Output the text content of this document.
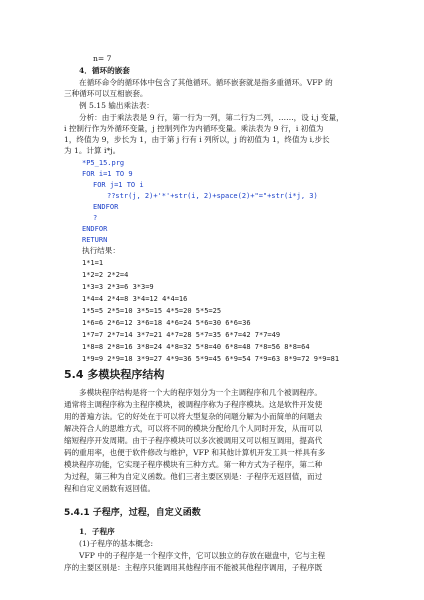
n= 7
4．循环的嵌套
在循环命令的循环体中包含了其他循环。循环嵌套就是指多重循环。VFP 的
三种循环可以互相嵌套。
例 5.15 输出乘法表：
分析：由于乘法表是 9 行，第一行为一列，第二行为二列，……，设 i,j 变量，
i 控制行作为外循环变量，j 控制列作为内循环变量。乘法表为 9 行，i 初值为
1，终值为 9，步长为 1，由于第 j 行有 i 列所以，j 的初值为 1，终值为 i,步长
为 1。计算 i*j。
*P5_15.prg
FOR i=1 TO 9
FOR j=1 TO i
??str(j, 2)+'*'+str(i, 2)+space(2)+"="+str(i*j, 3)
ENDFOR
?
ENDFOR
RETURN
执行结果：
1*1=1
1*2=2 2*2=4
1*3=3 2*3=6 3*3=9
1*4=4 2*4=8 3*4=12 4*4=16
1*5=5 2*5=10 3*5=15 4*5=20 5*5=25
1*6=6 2*6=12 3*6=18 4*6=24 5*6=30 6*6=36
1*7=7 2*7=14 3*7=21 4*7=28 5*7=35 6*7=42 7*7=49
1*8=8 2*8=16 3*8=24 4*8=32 5*8=40 6*8=48 7*8=56 8*8=64
1*9=9 2*9=18 3*9=27 4*9=36 5*9=45 6*9=54 7*9=63 8*9=72 9*9=81
5.4 多模块程序结构
多模块程序结构是将一个大的程序划分为一个主调程序和几个被调程序。
通常将主调程序称为主程序模块，被调程序称为子程序模块。这是软件开发使
用的普遍方法。它的好处在于可以将大型复杂的问题分解为小而简单的问题去
解决符合人的思维方式，可以将不同的模块分配给几个人同时开发，从而可以
缩短程序开发周期。由于子程序模块可以多次被调用又可以相互调用，提高代
码的重用率，也便于软件修改与维护，VFP 和其他计算机开发工具一样具有多
模块程序功能，它实现子程序模块有三种方式。第一种方式为子程序，第二种
为过程，第三种为自定义函数。他们三者主要区别是：子程序无返回值，而过
程和自定义函数有返回值。
5.4.1 子程序，过程，自定义函数
1．子程序
(1)子程序的基本概念:
VFP 中的子程序是一个程序文件，它可以独立的存放在磁盘中，它与主程
序的主要区别是：主程序只能调用其他程序而不能被其他程序调用，子程序既
